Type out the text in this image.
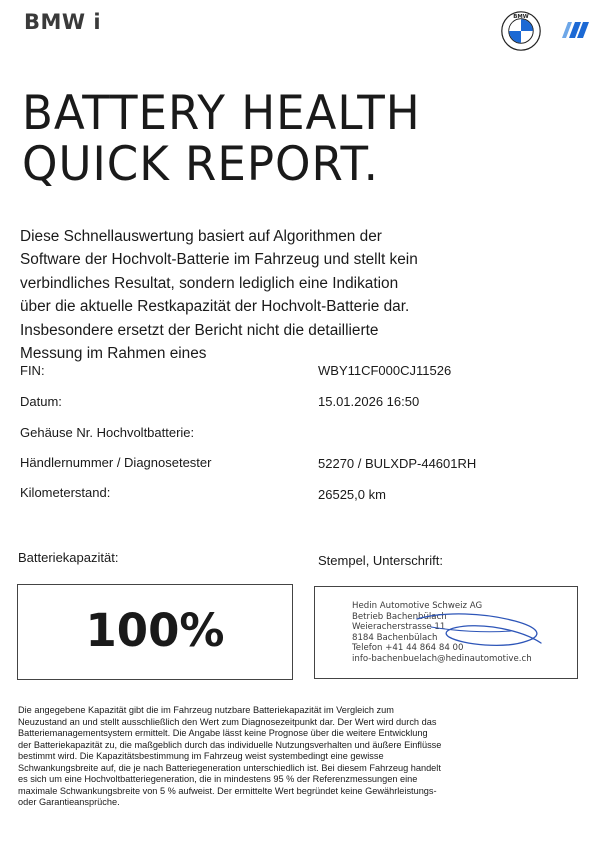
BMW i	BMW
BATTERY HEALTH
QUICK REPORT.

Diese Schnellauswertung basiert auf Algorithmen der Software der Hochvolt-Batterie im Fahrzeug und stellt kein verbindliches Resultat, sondern lediglich eine Indikation über die aktuelle Restkapazität der Hochvolt-Batterie dar. Insbesondere ersetzt der Bericht nicht die detaillierte Messung im Rahmen eines

FIN:	WBY11CF000CJ11526
Datum:	15.01.2026 16:50
Gehäuse Nr. Hochvoltbatterie:
Händlernummer / Diagnosetester	52270 / BULXDP-44601RH
Kilometerstand:	26525,0 km
Batteriekapazität:
100%
Stempel, Unterschrift:
Hedin Automotive Schweiz AG
Betrieb Bachenbülach
Weieracherstrasse 11
8184 Bachenbülach
Telefon +41 44 864 84 00
info-bachenbuelach@hedinautomotive.ch

Die angegebene Kapazität gibt die im Fahrzeug nutzbare Batteriekapazität im Vergleich zum Neuzustand an und stellt ausschließlich den Wert zum Diagnosezeitpunkt dar. Der Wert wird durch das Batteriemanagementsystem ermittelt. Die Angabe lässt keine Prognose über die weitere Entwicklung der Batteriekapazität zu, die maßgeblich durch das individuelle Nutzungsverhalten und äußere Einflüsse bestimmt wird. Die Kapazitätsbestimmung im Fahrzeug weist systembedingt eine gewisse Schwankungsbreite auf, die je nach Batteriegeneration unterschiedlich ist. Bei diesem Fahrzeug handelt es sich um eine Hochvoltbatteriegeneration, die in mindestens 95 % der Referenzmessungen eine maximale Schwankungsbreite von 5 % aufweist. Der ermittelte Wert begründet keine Gewährleistungs- oder Garantieansprüche.
